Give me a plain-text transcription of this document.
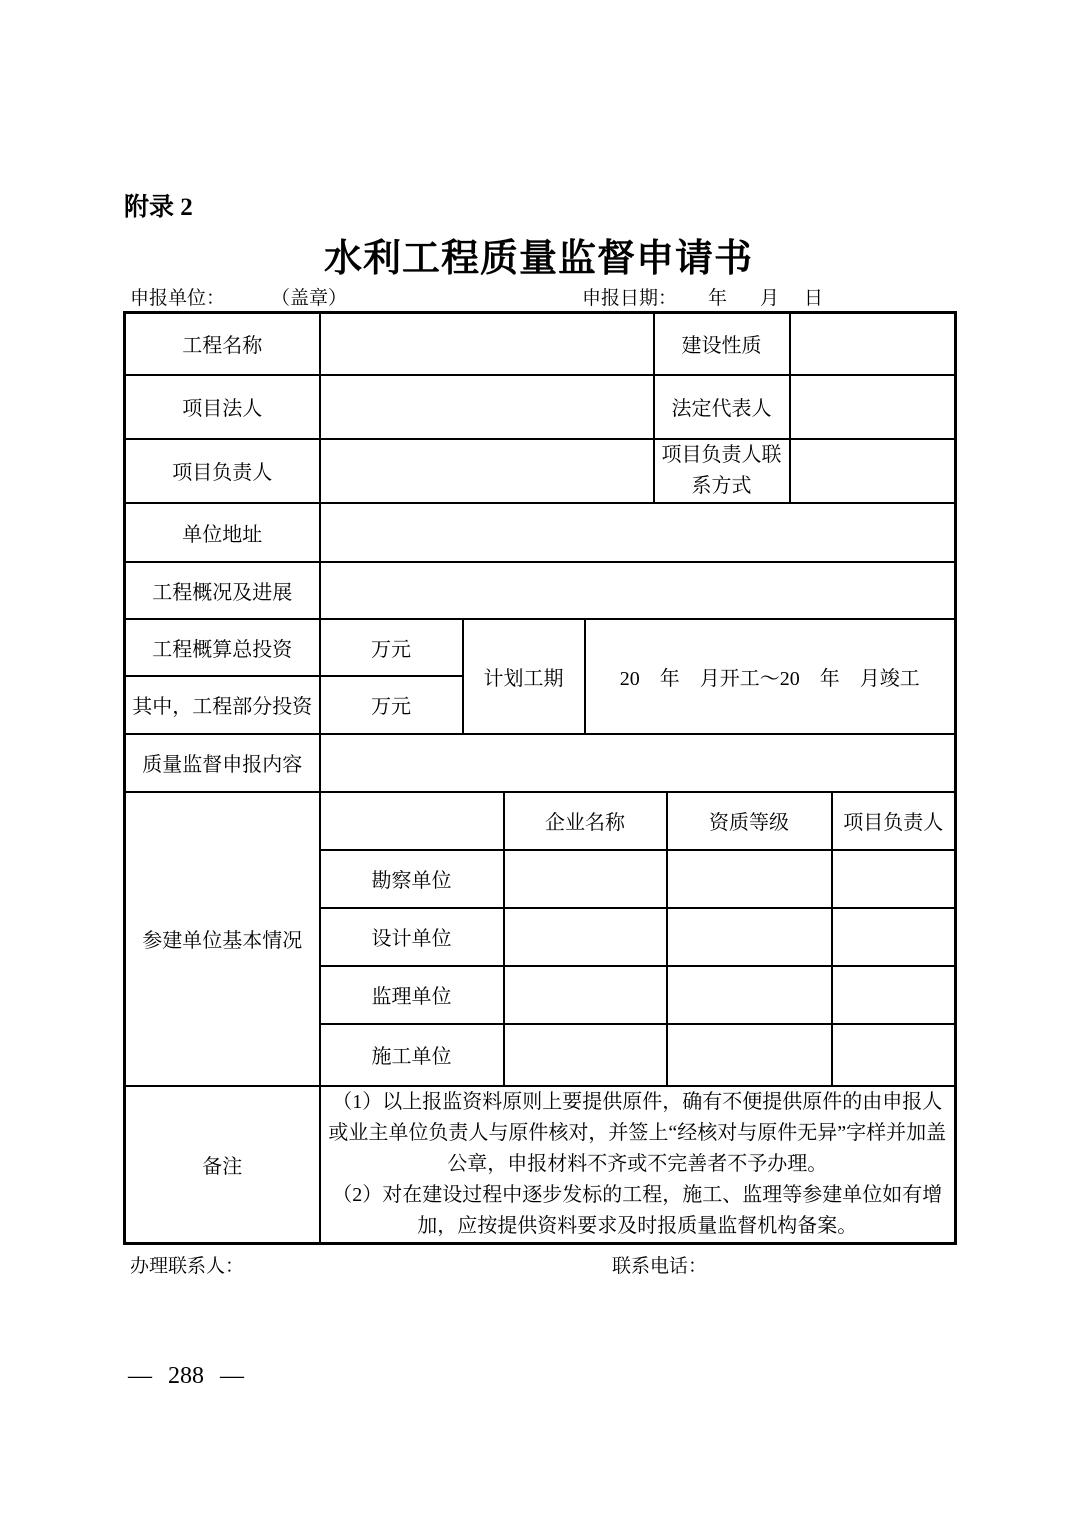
附录 2
水利工程质量监督申请书
申报单位： （盖章）	申报日期： 年 月 日
工程名称					建设性质			
项目法人					法定代表人			
项目负责人					项目负责人联系方式			
单位地址								
工程概况及进展								
工程概算总投资	万元	计划工期		20　年　月开工～20　年　月竣工				
其中，工程部分投资	万元							
质量监督申报内容								
参建单位基本情况			企业名称			资质等级		项目负责人
	勘察单位							
	设计单位							
	监理单位							
	施工单位							
备注	（1）以上报监资料原则上要提供原件，确有不便提供原件的由申报人或业主单位负责人与原件核对，并签上“经核对与原件无异”字样并加盖公章，申报材料不齐或不完善者不予办理。

（2）对在建设过程中逐步发标的工程，施工、监理等参建单位如有增加，应按提供资料要求及时报质量监督机构备案。							

办理联系人：	联系电话：
— 288 —
